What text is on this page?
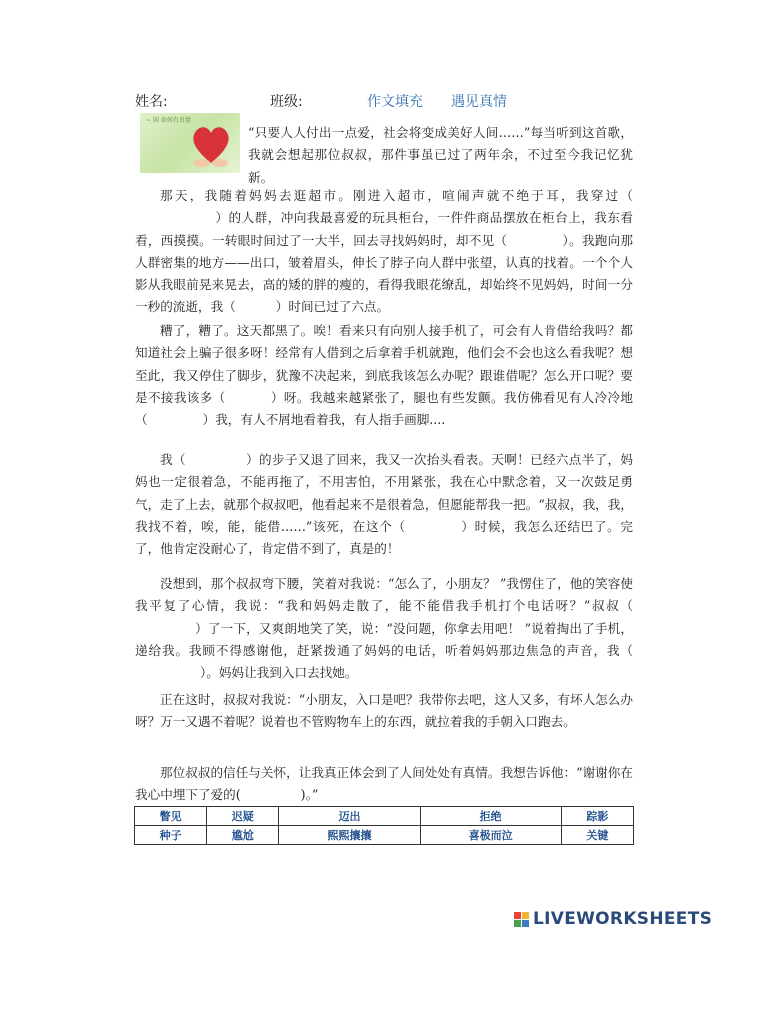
姓名:	班级:	作文填充 遇见真情
~ 闲 如何有真情

“只要人人付出一点爱，社会将变成美好人间……”每当听到这首歌， 我就会想起那位叔叔，那件事虽已过了两年余，不过至今我记忆犹新。

那天，我随着妈妈去逛超市。刚进入超市，喧闹声就不绝于耳，我穿过（）的人群，冲向我最喜爱的玩具柜台，一件件商品摆放在柜台上，我东看看，西摸摸。一转眼时间过了一大半，回去寻找妈妈时，却不见（	）。我跑向那人群密集的地方——出口，皱着眉头，伸长了脖子向人群中张望，认真的找着。一个个人影从我眼前晃来晃去，高的矮的胖的瘦的，看得我眼花缭乱，却始终不见妈妈，时间一分一秒的流逝，我（	）时间已过了六点。

糟了，糟了。这天都黑了。唉！看来只有向别人接手机了，可会有人肯借给我吗？都知道社会上骗子很多呀！经常有人借到之后拿着手机就跑，他们会不会也这么看我呢？想至此，我又停住了脚步，犹豫不决起来，到底我该怎么办呢？跟谁借呢？怎么开口呢？要是不接我该多（	）呀。我越来越紧张了，腿也有些发颤。我仿佛看见有人冷冷地（	）我，有人不屑地看着我，有人指手画脚....

我（	）的步子又退了回来，我又一次抬头看表。天啊！已经六点半了，妈妈也一定很着急，不能再拖了，不用害怕，不用紧张，我在心中默念着，又一次鼓足勇气，走了上去，就那个叔叔吧，他看起来不是很着急，但愿能帮我一把。“叔叔，我，我，我找不着，唉，能，能借……”该死，在这个（	）时候，我怎么还结巴了。完了，他肯定没耐心了，肯定借不到了，真是的！

没想到，那个叔叔弯下腰，笑着对我说：“怎么了，小朋友？ ”我愣住了，他的笑容使我平复了心情，我说：“我和妈妈走散了，能不能借我手机打个电话呀？”叔叔（）了一下，又爽朗地笑了笑，说：“没问题，你拿去用吧！ ”说着掏出了手机，递给我。我顾不得感谢他，赶紧拨通了妈妈的电话，听着妈妈那边焦急的声音，我（）。妈妈让我到入口去找她。

正在这时，叔叔对我说：“小朋友，入口是吧？我带你去吧，这人又多，有坏人怎么办呀？万一又遇不着呢？说着也不管购物车上的东西，就拉着我的手朝入口跑去。

那位叔叔的信任与关怀，让我真正体会到了人间处处有真情。我想告诉他：“谢谢你在我心中埋下了爱的(	)。”

瞥见	迟疑	迈出	拒绝	踪影
种子	尴尬	熙熙攘攘	喜极而泣	关键
LIVEWORKSHEETS
